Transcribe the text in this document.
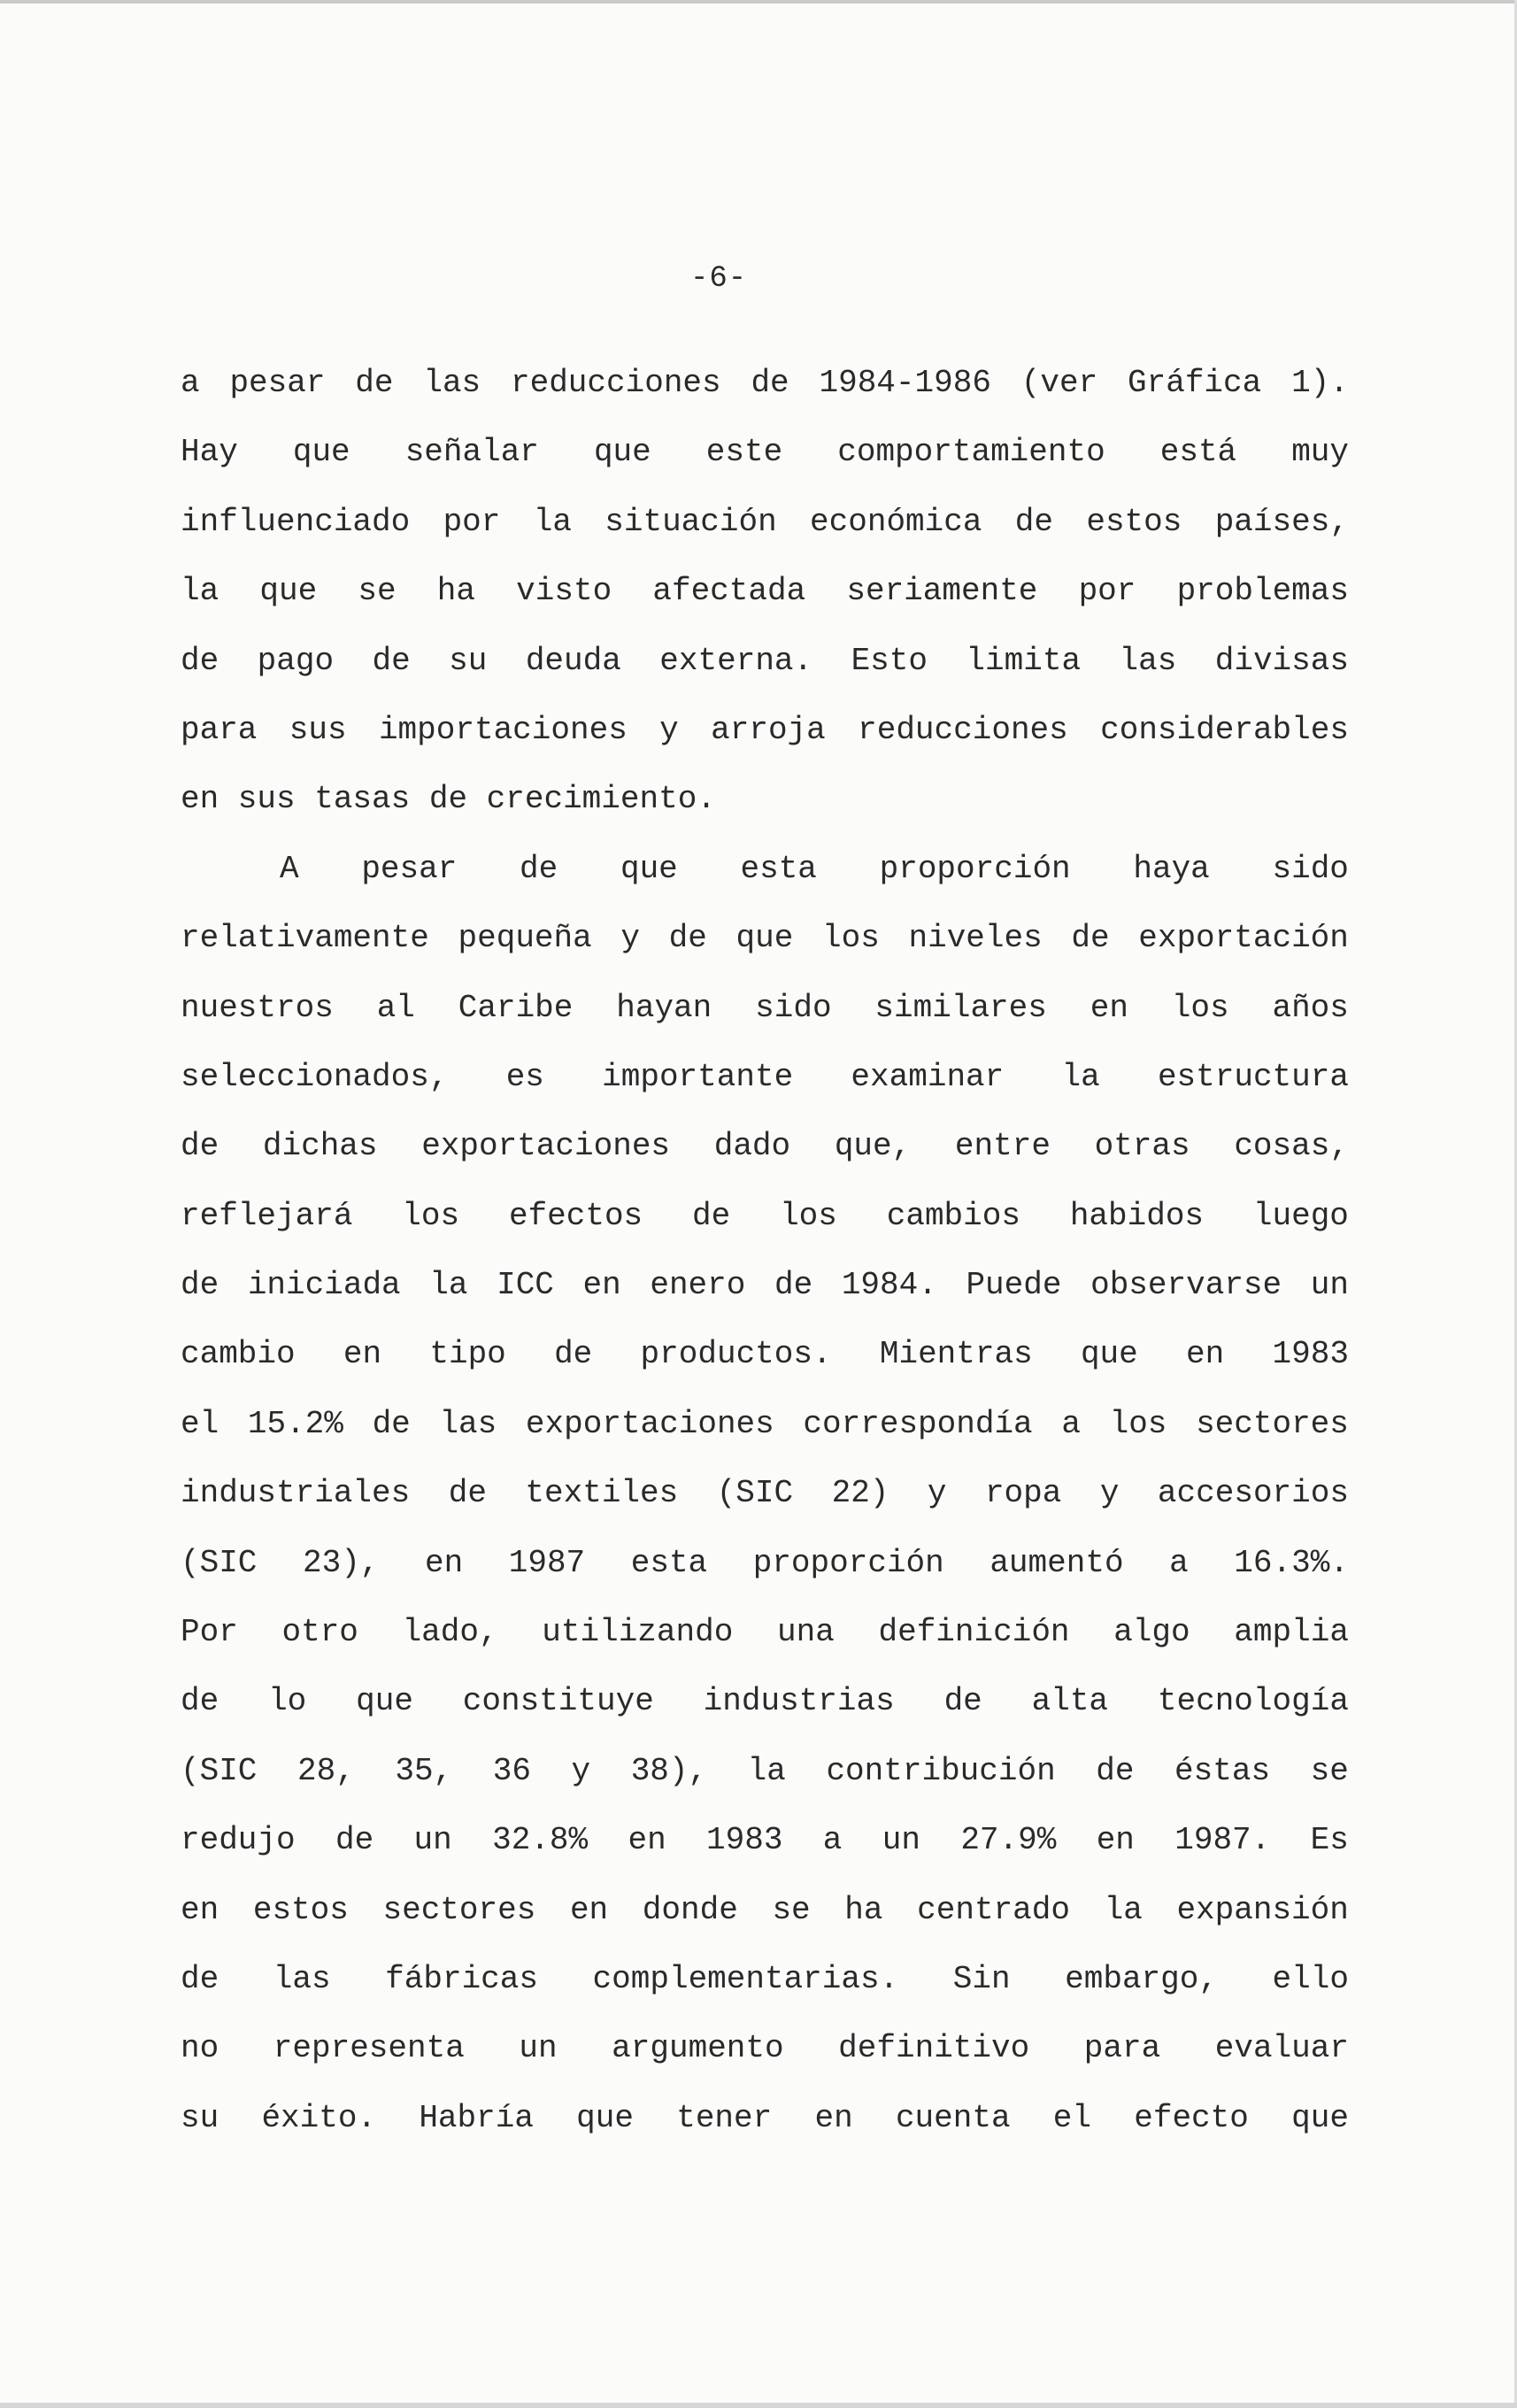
-6-
a pesar de las reducciones de 1984-1986 (ver Gráfica 1).
Hay que señalar que este comportamiento está muy
influenciado por la situación económica de estos países,
la que se ha visto afectada seriamente por problemas
de pago de su deuda externa. Esto limita las divisas
para sus importaciones y arroja reducciones considerables
en sus tasas de crecimiento.
A pesar de que esta proporción haya sido
relativamente pequeña y de que los niveles de exportación
nuestros al Caribe hayan sido similares en los años
seleccionados, es importante examinar la estructura
de dichas exportaciones dado que, entre otras cosas,
reflejará los efectos de los cambios habidos luego
de iniciada la ICC en enero de 1984. Puede observarse un
cambio en tipo de productos. Mientras que en 1983
el 15.2% de las exportaciones correspondía a los sectores
industriales de textiles (SIC 22) y ropa y accesorios
(SIC 23), en 1987 esta proporción aumentó a 16.3%.
Por otro lado, utilizando una definición algo amplia
de lo que constituye industrias de alta tecnología
(SIC 28, 35, 36 y 38), la contribución de éstas se
redujo de un 32.8% en 1983 a un 27.9% en 1987. Es
en estos sectores en donde se ha centrado la expansión
de las fábricas complementarias. Sin embargo, ello
no representa un argumento definitivo para evaluar
su éxito. Habría que tener en cuenta el efecto que
